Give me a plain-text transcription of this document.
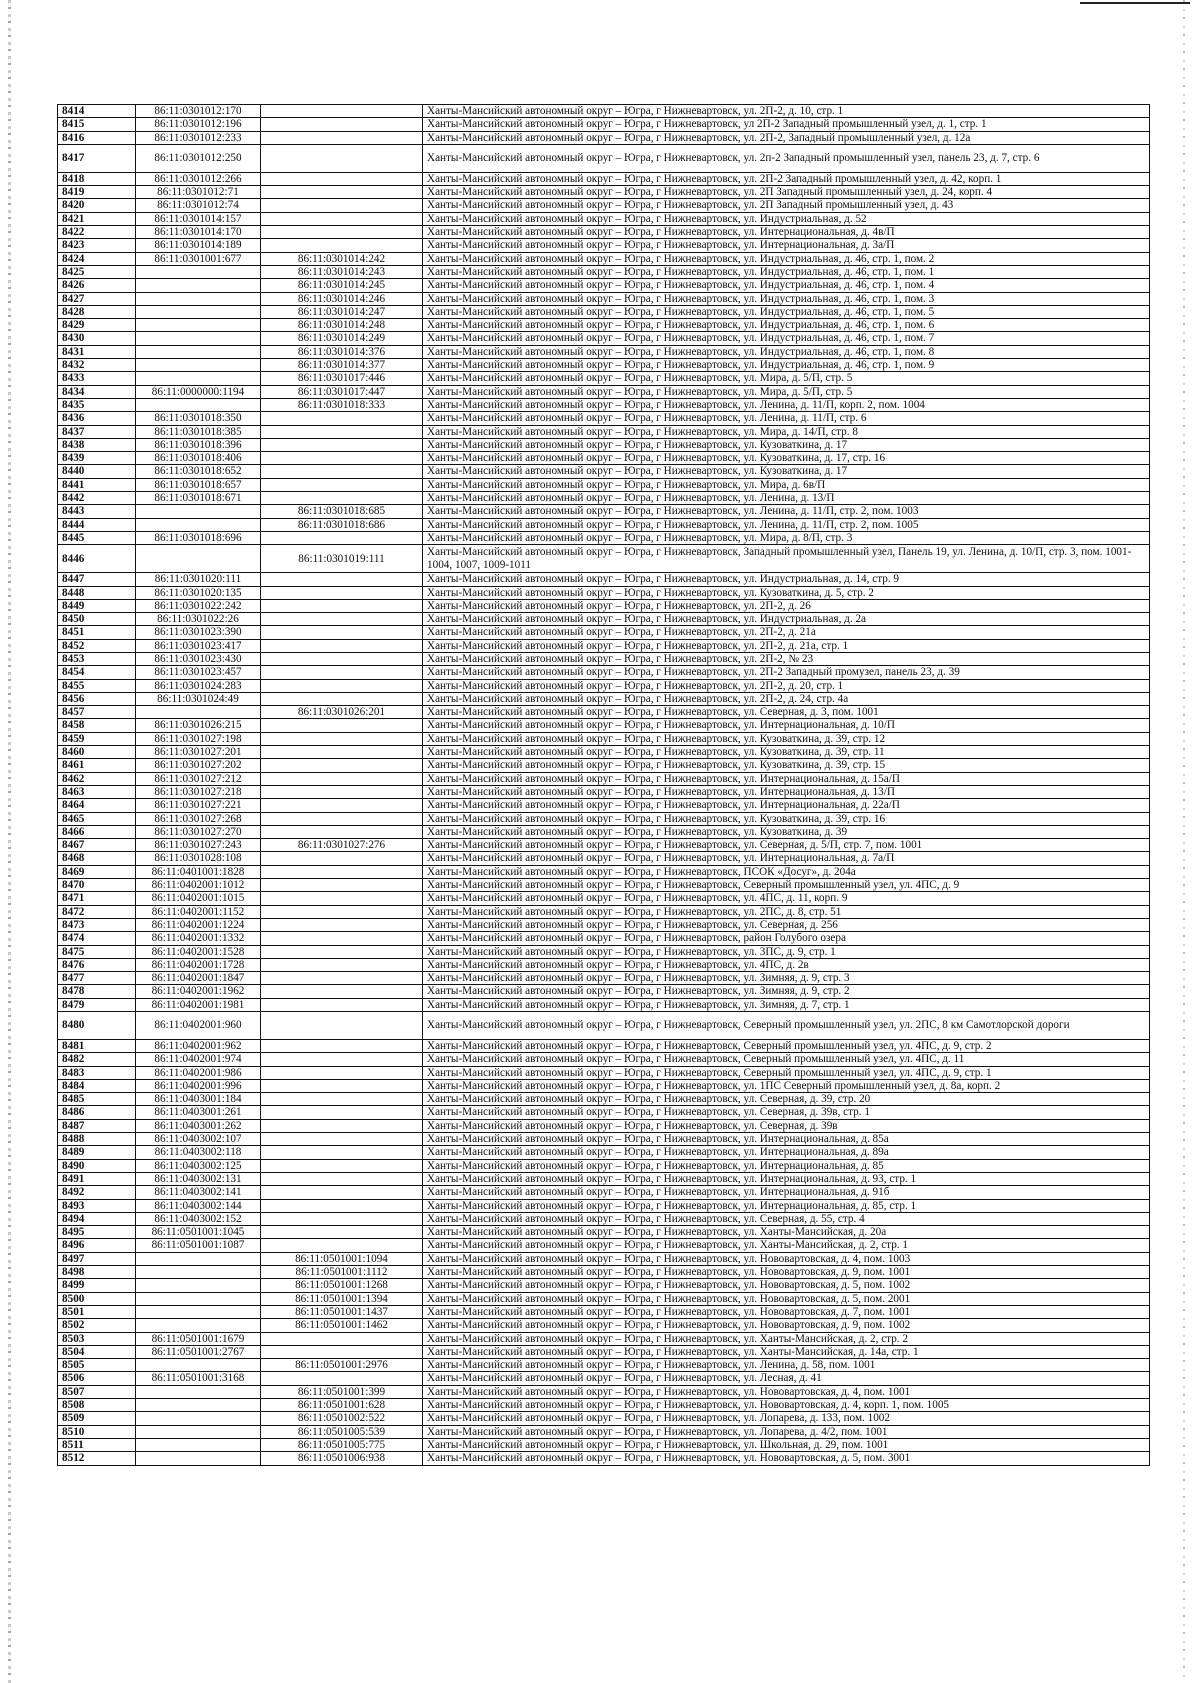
8414	86:11:0301012:170		Ханты-Мансийский автономный округ – Югра, г Нижневартовск, ул. 2П-2, д. 10, стр. 1
8415	86:11:0301012:196		Ханты-Мансийский автономный округ – Югра, г Нижневартовск, ул 2П-2 Западный промышленный узел, д. 1, стр. 1
8416	86:11:0301012:233		Ханты-Мансийский автономный округ – Югра, г Нижневартовск, ул. 2П-2, Западный промышленный узел, д. 12а
8417	86:11:0301012:250		Ханты-Мансийский автономный округ – Югра, г Нижневартовск, ул. 2п-2 Западный промышленный узел, панель 23, д. 7, стр. 6
8418	86:11:0301012:266		Ханты-Мансийский автономный округ – Югра, г Нижневартовск, ул. 2П-2 Западный промышленный узел, д. 42, корп. 1
8419	86:11:0301012:71		Ханты-Мансийский автономный округ – Югра, г Нижневартовск, ул. 2П Западный промышленный узел, д. 24, корп. 4
8420	86:11:0301012:74		Ханты-Мансийский автономный округ – Югра, г Нижневартовск, ул. 2П Западный промышленный узел, д. 43
8421	86:11:0301014:157		Ханты-Мансийский автономный округ – Югра, г Нижневартовск, ул. Индустриальная, д. 52
8422	86:11:0301014:170		Ханты-Мансийский автономный округ – Югра, г Нижневартовск, ул. Интернациональная, д. 4в/П
8423	86:11:0301014:189		Ханты-Мансийский автономный округ – Югра, г Нижневартовск, ул. Интернациональная, д. 3а/П
8424	86:11:0301001:677	86:11:0301014:242	Ханты-Мансийский автономный округ – Югра, г Нижневартовск, ул. Индустриальная, д. 46, стр. 1, пом. 2
8425		86:11:0301014:243	Ханты-Мансийский автономный округ – Югра, г Нижневартовск, ул. Индустриальная, д. 46, стр. 1, пом. 1
8426		86:11:0301014:245	Ханты-Мансийский автономный округ – Югра, г Нижневартовск, ул. Индустриальная, д. 46, стр. 1, пом. 4
8427		86:11:0301014:246	Ханты-Мансийский автономный округ – Югра, г Нижневартовск, ул. Индустриальная, д. 46, стр. 1, пом. 3
8428		86:11:0301014:247	Ханты-Мансийский автономный округ – Югра, г Нижневартовск, ул. Индустриальная, д. 46, стр. 1, пом. 5
8429		86:11:0301014:248	Ханты-Мансийский автономный округ – Югра, г Нижневартовск, ул. Индустриальная, д. 46, стр. 1, пом. 6
8430		86:11:0301014:249	Ханты-Мансийский автономный округ – Югра, г Нижневартовск, ул. Индустриальная, д. 46, стр. 1, пом. 7
8431		86:11:0301014:376	Ханты-Мансийский автономный округ – Югра, г Нижневартовск, ул. Индустриальная, д. 46, стр. 1, пом. 8
8432		86:11:0301014:377	Ханты-Мансийский автономный округ – Югра, г Нижневартовск, ул. Индустриальная, д. 46, стр. 1, пом. 9
8433		86:11:0301017:446	Ханты-Мансийский автономный округ – Югра, г Нижневартовск, ул. Мира, д. 5/П, стр. 5
8434	86:11:0000000:1194	86:11:0301017:447	Ханты-Мансийский автономный округ – Югра, г Нижневартовск, ул. Мира, д. 5/П, стр. 5
8435		86:11:0301018:333	Ханты-Мансийский автономный округ – Югра, г Нижневартовск, ул. Ленина, д. 11/П, корп. 2, пом. 1004
8436	86:11:0301018:350		Ханты-Мансийский автономный округ – Югра, г Нижневартовск, ул. Ленина, д. 11/П, стр. 6
8437	86:11:0301018:385		Ханты-Мансийский автономный округ – Югра, г Нижневартовск, ул. Мира, д. 14/П, стр. 8
8438	86:11:0301018:396		Ханты-Мансийский автономный округ – Югра, г Нижневартовск, ул. Кузоваткина, д. 17
8439	86:11:0301018:406		Ханты-Мансийский автономный округ – Югра, г Нижневартовск, ул. Кузоваткина, д. 17, стр. 16
8440	86:11:0301018:652		Ханты-Мансийский автономный округ – Югра, г Нижневартовск, ул. Кузоваткина, д. 17
8441	86:11:0301018:657		Ханты-Мансийский автономный округ – Югра, г Нижневартовск, ул. Мира, д. 6в/П
8442	86:11:0301018:671		Ханты-Мансийский автономный округ – Югра, г Нижневартовск, ул. Ленина, д. 13/П
8443		86:11:0301018:685	Ханты-Мансийский автономный округ – Югра, г Нижневартовск, ул. Ленина, д. 11/П, стр. 2, пом. 1003
8444		86:11:0301018:686	Ханты-Мансийский автономный округ – Югра, г Нижневартовск, ул. Ленина, д. 11/П, стр. 2, пом. 1005
8445	86:11:0301018:696		Ханты-Мансийский автономный округ – Югра, г Нижневартовск, ул. Мира, д. 8/П, стр. 3
8446		86:11:0301019:111	Ханты-Мансийский автономный округ – Югра, г Нижневартовск, Западный промышленный узел, Панель 19, ул. Ленина, д. 10/П, стр. 3, пом. 1001-1004, 1007, 1009-1011
8447	86:11:0301020:111		Ханты-Мансийский автономный округ – Югра, г Нижневартовск, ул. Индустриальная, д. 14, стр. 9
8448	86:11:0301020:135		Ханты-Мансийский автономный округ – Югра, г Нижневартовск, ул. Кузоваткина, д. 5, стр. 2
8449	86:11:0301022:242		Ханты-Мансийский автономный округ – Югра, г Нижневартовск, ул. 2П-2, д. 26
8450	86:11:0301022:26		Ханты-Мансийский автономный округ – Югра, г Нижневартовск, ул. Индустриальная, д. 2а
8451	86:11:0301023:390		Ханты-Мансийский автономный округ – Югра, г Нижневартовск, ул. 2П-2, д. 21а
8452	86:11:0301023:417		Ханты-Мансийский автономный округ – Югра, г Нижневартовск, ул. 2П-2, д. 21а, стр. 1
8453	86:11:0301023:430		Ханты-Мансийский автономный округ – Югра, г Нижневартовск, ул. 2П-2, № 23
8454	86:11:0301023:457		Ханты-Мансийский автономный округ – Югра, г Нижневартовск, ул. 2П-2 Западный промузел, панель 23, д. 39
8455	86:11:0301024:283		Ханты-Мансийский автономный округ – Югра, г Нижневартовск, ул. 2П-2, д. 20, стр. 1
8456	86:11:0301024:49		Ханты-Мансийский автономный округ – Югра, г Нижневартовск, ул. 2П-2, д. 24, стр. 4а
8457		86:11:0301026:201	Ханты-Мансийский автономный округ – Югра, г Нижневартовск, ул. Северная, д. 3, пом. 1001
8458	86:11:0301026:215		Ханты-Мансийский автономный округ – Югра, г Нижневартовск, ул. Интернациональная, д. 10/П
8459	86:11:0301027:198		Ханты-Мансийский автономный округ – Югра, г Нижневартовск, ул. Кузоваткина, д. 39, стр. 12
8460	86:11:0301027:201		Ханты-Мансийский автономный округ – Югра, г Нижневартовск, ул. Кузоваткина, д. 39, стр. 11
8461	86:11:0301027:202		Ханты-Мансийский автономный округ – Югра, г Нижневартовск, ул. Кузоваткина, д. 39, стр. 15
8462	86:11:0301027:212		Ханты-Мансийский автономный округ – Югра, г Нижневартовск, ул. Интернациональная, д. 15а/П
8463	86:11:0301027:218		Ханты-Мансийский автономный округ – Югра, г Нижневартовск, ул. Интернациональная, д. 13/П
8464	86:11:0301027:221		Ханты-Мансийский автономный округ – Югра, г Нижневартовск, ул. Интернациональная, д. 22а/П
8465	86:11:0301027:268		Ханты-Мансийский автономный округ – Югра, г Нижневартовск, ул. Кузоваткина, д. 39, стр. 16
8466	86:11:0301027:270		Ханты-Мансийский автономный округ – Югра, г Нижневартовск, ул. Кузоваткина, д. 39
8467	86:11:0301027:243	86:11:0301027:276	Ханты-Мансийский автономный округ – Югра, г Нижневартовск, ул. Северная, д. 5/П, стр. 7, пом. 1001
8468	86:11:0301028:108		Ханты-Мансийский автономный округ – Югра, г Нижневартовск, ул. Интернациональная, д. 7а/П
8469	86:11:0401001:1828		Ханты-Мансийский автономный округ – Югра, г Нижневартовск, ПСОК «Досуг», д. 204а
8470	86:11:0402001:1012		Ханты-Мансийский автономный округ – Югра, г Нижневартовск, Северный промышленный узел, ул. 4ПС, д. 9
8471	86:11:0402001:1015		Ханты-Мансийский автономный округ – Югра, г Нижневартовск, ул. 4ПС, д. 11, корп. 9
8472	86:11:0402001:1152		Ханты-Мансийский автономный округ – Югра, г Нижневартовск, ул. 2ПС, д. 8, стр. 51
8473	86:11:0402001:1224		Ханты-Мансийский автономный округ – Югра, г Нижневартовск, ул. Северная, д. 256
8474	86:11:0402001:1332		Ханты-Мансийский автономный округ – Югра, г Нижневартовск, район Голубого озера
8475	86:11:0402001:1528		Ханты-Мансийский автономный округ – Югра, г Нижневартовск, ул. 3ПС, д. 9, стр. 1
8476	86:11:0402001:1728		Ханты-Мансийский автономный округ – Югра, г Нижневартовск, ул. 4ПС, д. 2в
8477	86:11:0402001:1847		Ханты-Мансийский автономный округ – Югра, г Нижневартовск, ул. Зимняя, д. 9, стр. 3
8478	86:11:0402001:1962		Ханты-Мансийский автономный округ – Югра, г Нижневартовск, ул. Зимняя, д. 9, стр. 2
8479	86:11:0402001:1981		Ханты-Мансийский автономный округ – Югра, г Нижневартовск, ул. Зимняя, д. 7, стр. 1
8480	86:11:0402001:960		Ханты-Мансийский автономный округ – Югра, г Нижневартовск, Северный промышленный узел, ул. 2ПС, 8 км Самотлорской дороги
8481	86:11:0402001:962		Ханты-Мансийский автономный округ – Югра, г Нижневартовск, Северный промышленный узел, ул. 4ПС, д. 9, стр. 2
8482	86:11:0402001:974		Ханты-Мансийский автономный округ – Югра, г Нижневартовск, Северный промышленный узел, ул. 4ПС, д. 11
8483	86:11:0402001:986		Ханты-Мансийский автономный округ – Югра, г Нижневартовск, Северный промышленный узел, ул. 4ПС, д. 9, стр. 1
8484	86:11:0402001:996		Ханты-Мансийский автономный округ – Югра, г Нижневартовск, ул. 1ПС Северный промышленный узел, д. 8а, корп. 2
8485	86:11:0403001:184		Ханты-Мансийский автономный округ – Югра, г Нижневартовск, ул. Северная, д. 39, стр. 20
8486	86:11:0403001:261		Ханты-Мансийский автономный округ – Югра, г Нижневартовск, ул. Северная, д. 39в, стр. 1
8487	86:11:0403001:262		Ханты-Мансийский автономный округ – Югра, г Нижневартовск, ул. Северная, д. 39в
8488	86:11:0403002:107		Ханты-Мансийский автономный округ – Югра, г Нижневартовск, ул. Интернациональная, д. 85а
8489	86:11:0403002:118		Ханты-Мансийский автономный округ – Югра, г Нижневартовск, ул. Интернациональная, д. 89а
8490	86:11:0403002:125		Ханты-Мансийский автономный округ – Югра, г Нижневартовск, ул. Интернациональная, д. 85
8491	86:11:0403002:131		Ханты-Мансийский автономный округ – Югра, г Нижневартовск, ул. Интернациональная, д. 93, стр. 1
8492	86:11:0403002:141		Ханты-Мансийский автономный округ – Югра, г Нижневартовск, ул. Интернациональная, д. 91б
8493	86:11:0403002:144		Ханты-Мансийский автономный округ – Югра, г Нижневартовск, ул. Интернациональная, д. 85, стр. 1
8494	86:11:0403002:152		Ханты-Мансийский автономный округ – Югра, г Нижневартовск, ул. Северная, д. 55, стр. 4
8495	86:11:0501001:1045		Ханты-Мансийский автономный округ – Югра, г Нижневартовск, ул. Ханты-Мансийская, д. 20а
8496	86:11:0501001:1087		Ханты-Мансийский автономный округ – Югра, г Нижневартовск, ул. Ханты-Мансийская, д. 2, стр. 1
8497		86:11:0501001:1094	Ханты-Мансийский автономный округ – Югра, г Нижневартовск, ул. Нововартовская, д. 4, пом. 1003
8498		86:11:0501001:1112	Ханты-Мансийский автономный округ – Югра, г Нижневартовск, ул. Нововартовская, д. 9, пом. 1001
8499		86:11:0501001:1268	Ханты-Мансийский автономный округ – Югра, г Нижневартовск, ул. Нововартовская, д. 5, пом. 1002
8500		86:11:0501001:1394	Ханты-Мансийский автономный округ – Югра, г Нижневартовск, ул. Нововартовская, д. 5, пом. 2001
8501		86:11:0501001:1437	Ханты-Мансийский автономный округ – Югра, г Нижневартовск, ул. Нововартовская, д. 7, пом. 1001
8502		86:11:0501001:1462	Ханты-Мансийский автономный округ – Югра, г Нижневартовск, ул. Нововартовская, д. 9, пом. 1002
8503	86:11:0501001:1679		Ханты-Мансийский автономный округ – Югра, г Нижневартовск, ул. Ханты-Мансийская, д. 2, стр. 2
8504	86:11:0501001:2767		Ханты-Мансийский автономный округ – Югра, г Нижневартовск, ул. Ханты-Мансийская, д. 14а, стр. 1
8505		86:11:0501001:2976	Ханты-Мансийский автономный округ – Югра, г Нижневартовск, ул. Ленина, д. 58, пом. 1001
8506	86:11:0501001:3168		Ханты-Мансийский автономный округ – Югра, г Нижневартовск, ул. Лесная, д. 41
8507		86:11:0501001:399	Ханты-Мансийский автономный округ – Югра, г Нижневартовск, ул. Нововартовская, д. 4, пом. 1001
8508		86:11:0501001:628	Ханты-Мансийский автономный округ – Югра, г Нижневартовск, ул. Нововартовская, д. 4, корп. 1, пом. 1005
8509		86:11:0501002:522	Ханты-Мансийский автономный округ – Югра, г Нижневартовск, ул. Лопарева, д. 133, пом. 1002
8510		86:11:0501005:539	Ханты-Мансийский автономный округ – Югра, г Нижневартовск, ул. Лопарева, д. 4/2, пом. 1001
8511		86:11:0501005:775	Ханты-Мансийский автономный округ – Югра, г Нижневартовск, ул. Школьная, д. 29, пом. 1001
8512		86:11:0501006:938	Ханты-Мансийский автономный округ – Югра, г Нижневартовск, ул. Нововартовская, д. 5, пом. 3001
